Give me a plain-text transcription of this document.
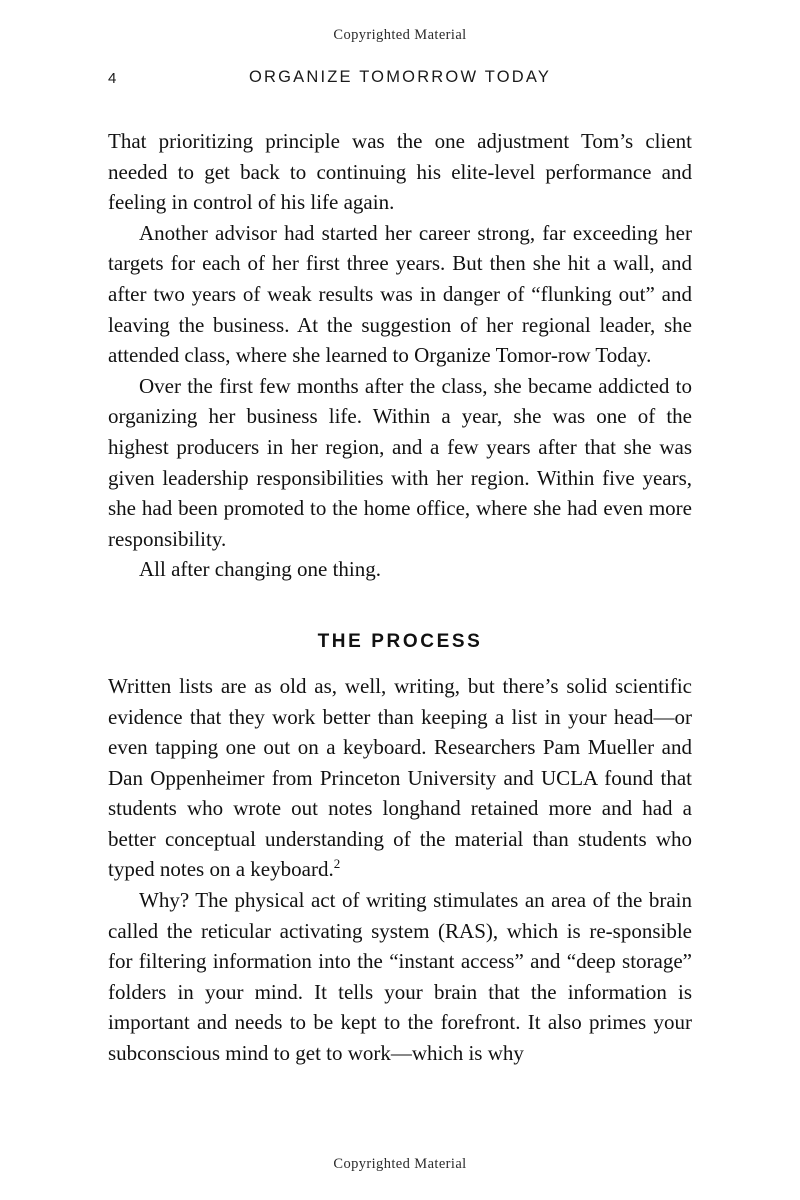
Copyrighted Material
4	ORGANIZE TOMORROW TODAY

That prioritizing principle was the one adjustment Tom’s client needed to get back to continuing his elite-level performance and feeling in control of his life again.

Another advisor had started her career strong, far exceeding her targets for each of her first three years. But then she hit a wall, and after two years of weak results was in danger of “flunking out” and leaving the business. At the suggestion of her regional leader, she attended class, where she learned to Organize Tomor-row Today.

Over the first few months after the class, she became addicted to organizing her business life. Within a year, she was one of the highest producers in her region, and a few years after that she was given leadership responsibilities with her region. Within five years, she had been promoted to the home office, where she had even more responsibility.

All after changing one thing.

THE PROCESS

Written lists are as old as, well, writing, but there’s solid scientific evidence that they work better than keeping a list in your head—or even tapping one out on a keyboard. Researchers Pam Mueller and Dan Oppenheimer from Princeton University and UCLA found that students who wrote out notes longhand retained more and had a better conceptual understanding of the material than students who typed notes on a keyboard.$^2$

Why? The physical act of writing stimulates an area of the brain called the reticular activating system (RAS), which is re-sponsible for filtering information into the “instant access” and “deep storage” folders in your mind. It tells your brain that the information is important and needs to be kept to the forefront. It also primes your subconscious mind to get to work—which is why

Copyrighted Material
